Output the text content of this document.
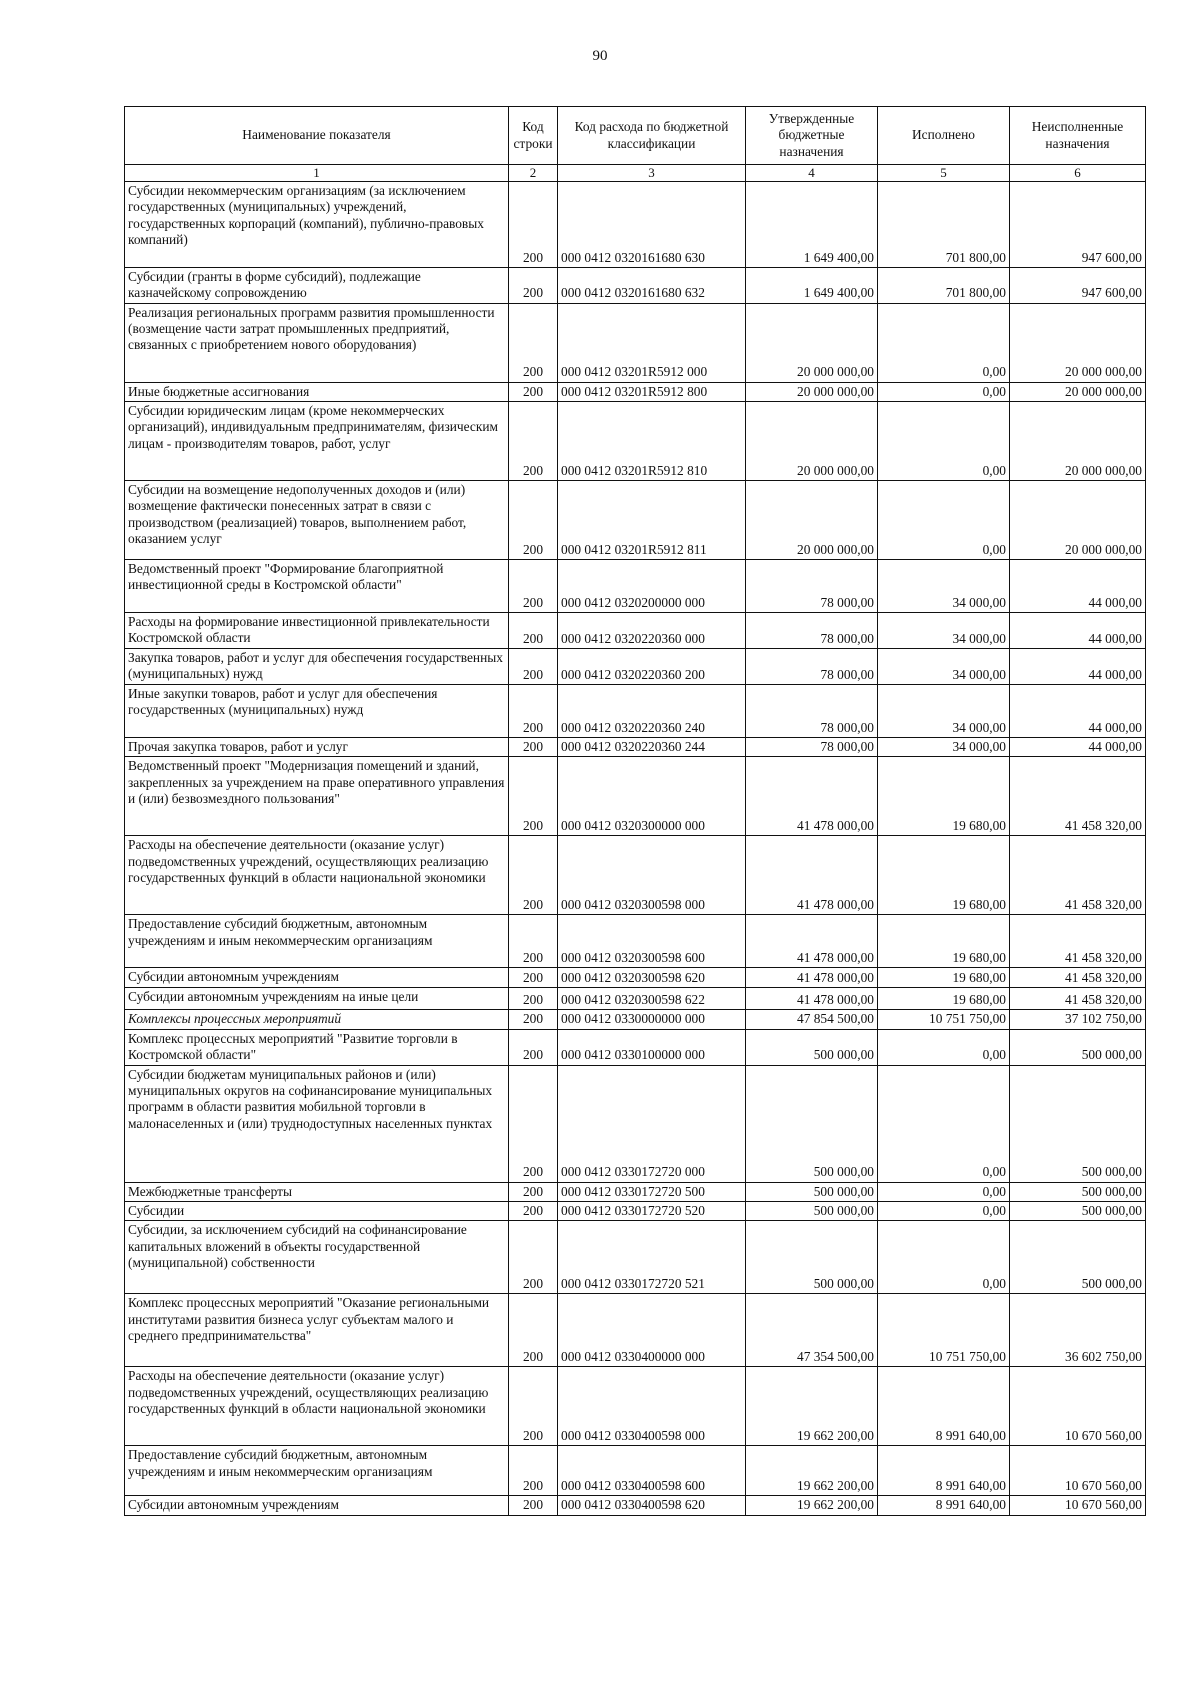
90
Наименование показателя	Код строки	Код расхода по бюджетной классификации	Утвержденные бюджетные назначения	Исполнено	Неисполненные назначения
1	2	3	4	5	6
Субсидии некоммерческим организациям (за исключением государственных (муниципальных) учреждений, государственных корпораций (компаний), публично-правовых компаний)	200	000 0412 0320161680 630	1 649 400,00	701 800,00	947 600,00
Субсидии (гранты в форме субсидий), подлежащие казначейскому сопровождению	200	000 0412 0320161680 632	1 649 400,00	701 800,00	947 600,00
Реализация региональных программ развития промышленности (возмещение части затрат промышленных предприятий, связанных с приобретением нового оборудования)	200	000 0412 03201R5912 000	20 000 000,00	0,00	20 000 000,00
Иные бюджетные ассигнования	200	000 0412 03201R5912 800	20 000 000,00	0,00	20 000 000,00
Субсидии юридическим лицам (кроме некоммерческих организаций), индивидуальным предпринимателям, физическим лицам - производителям товаров, работ, услуг	200	000 0412 03201R5912 810	20 000 000,00	0,00	20 000 000,00
Субсидии на возмещение недополученных доходов и (или) возмещение фактически понесенных затрат в связи с производством (реализацией) товаров, выполнением работ, оказанием услуг	200	000 0412 03201R5912 811	20 000 000,00	0,00	20 000 000,00
Ведомственный проект "Формирование благоприятной инвестиционной среды в Костромской области"	200	000 0412 0320200000 000	78 000,00	34 000,00	44 000,00
Расходы на формирование инвестиционной привлекательности Костромской области	200	000 0412 0320220360 000	78 000,00	34 000,00	44 000,00
Закупка товаров, работ и услуг для обеспечения государственных (муниципальных) нужд	200	000 0412 0320220360 200	78 000,00	34 000,00	44 000,00
Иные закупки товаров, работ и услуг для обеспечения государственных (муниципальных) нужд	200	000 0412 0320220360 240	78 000,00	34 000,00	44 000,00
Прочая закупка товаров, работ и услуг	200	000 0412 0320220360 244	78 000,00	34 000,00	44 000,00
Ведомственный проект "Модернизация помещений и зданий, закрепленных за учреждением на праве оперативного управления и (или) безвозмездного пользования"	200	000 0412 0320300000 000	41 478 000,00	19 680,00	41 458 320,00
Расходы на обеспечение деятельности (оказание услуг) подведомственных учреждений, осуществляющих реализацию государственных функций в области национальной экономики	200	000 0412 0320300598 000	41 478 000,00	19 680,00	41 458 320,00
Предоставление субсидий бюджетным, автономным учреждениям и иным некоммерческим организациям	200	000 0412 0320300598 600	41 478 000,00	19 680,00	41 458 320,00
Субсидии автономным учреждениям	200	000 0412 0320300598 620	41 478 000,00	19 680,00	41 458 320,00
Субсидии автономным учреждениям на иные цели	200	000 0412 0320300598 622	41 478 000,00	19 680,00	41 458 320,00
Комплексы процессных мероприятий	200	000 0412 0330000000 000	47 854 500,00	10 751 750,00	37 102 750,00
Комплекс процессных мероприятий "Развитие торговли в Костромской области"	200	000 0412 0330100000 000	500 000,00	0,00	500 000,00
Субсидии бюджетам муниципальных районов и (или) муниципальных округов на софинансирование муниципальных программ в области развития мобильной торговли в малонаселенных и (или) труднодоступных населенных пунктах	200	000 0412 0330172720 000	500 000,00	0,00	500 000,00
Межбюджетные трансферты	200	000 0412 0330172720 500	500 000,00	0,00	500 000,00
Субсидии	200	000 0412 0330172720 520	500 000,00	0,00	500 000,00
Субсидии, за исключением субсидий на софинансирование капитальных вложений в объекты государственной (муниципальной) собственности	200	000 0412 0330172720 521	500 000,00	0,00	500 000,00
Комплекс процессных мероприятий "Оказание региональными институтами развития бизнеса услуг субъектам малого и среднего предпринимательства"	200	000 0412 0330400000 000	47 354 500,00	10 751 750,00	36 602 750,00
Расходы на обеспечение деятельности (оказание услуг) подведомственных учреждений, осуществляющих реализацию государственных функций в области национальной экономики	200	000 0412 0330400598 000	19 662 200,00	8 991 640,00	10 670 560,00
Предоставление субсидий бюджетным, автономным учреждениям и иным некоммерческим организациям	200	000 0412 0330400598 600	19 662 200,00	8 991 640,00	10 670 560,00
Субсидии автономным учреждениям	200	000 0412 0330400598 620	19 662 200,00	8 991 640,00	10 670 560,00
